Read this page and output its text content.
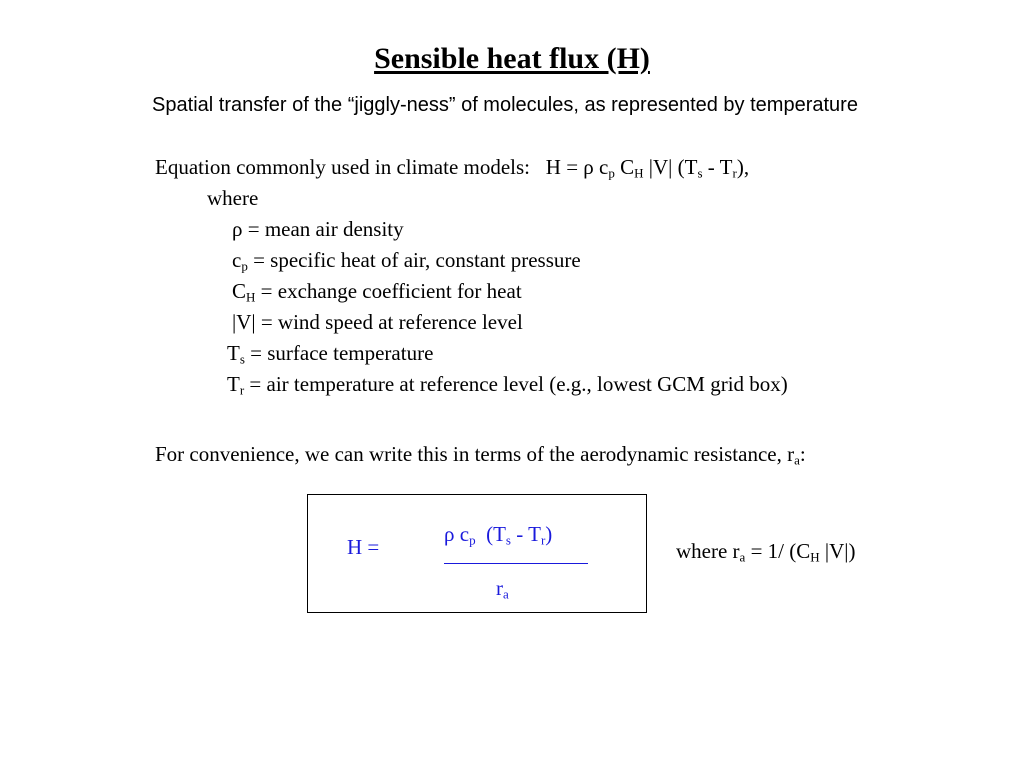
Sensible heat flux (H)
Spatial transfer of the “jiggly-ness” of molecules, as represented by temperature
Equation commonly used in climate models: H = ρ $c_p$ $C_H$ |V| $(T_s - T_r)$,
where
ρ = mean air density
$c_p$ = specific heat of air, constant pressure
$C_H$ = exchange coefficient for heat
|V| = wind speed at reference level
$T_s$ = surface temperature
$T_r$ = air temperature at reference level (e.g., lowest GCM grid box)
For convenience, we can write this in terms of the aerodynamic resistance, $r_a$:
H =
ρ $c_p$ $(T_s - T_r)$
$r_a$
where $r_a = 1/$ ($C_H$ |V|)
